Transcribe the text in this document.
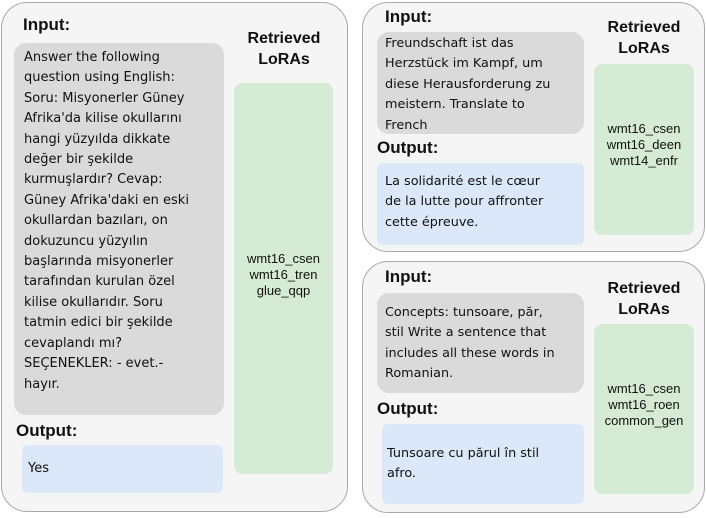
Input:
Answer the following
question using English:
Soru: Misyonerler Güney
Afrika'da kilise okullarını
hangi yüzyılda dikkate
değer bir şekilde
kurmuşlardır? Cevap:
Güney Afrika'daki en eski
okullardan bazıları, on
dokuzuncu yüzyılın
başlarında misyonerler
tarafından kurulan özel
kilise okullarıdır. Soru
tatmin edici bir şekilde
cevaplandı mı?
SEÇENEKLER: - evet.-
hayır.
Output:
Yes
Retrieved
LoRAs
wmt16_csen
wmt16_tren
glue_qqp
Input:
Freundschaft ist das
Herzstück im Kampf, um
diese Herausforderung zu
meistern. Translate to
French
Output:
La solidarité est le cœur
de la lutte pour affronter
cette épreuve.
Retrieved
LoRAs
wmt16_csen
wmt16_deen
wmt14_enfr
Input:
Concepts: tunsoare, păr,
stil Write a sentence that
includes all these words in
Romanian.
Output:
Tunsoare cu părul în stil
afro.
Retrieved
LoRAs
wmt16_csen
wmt16_roen
common_gen
